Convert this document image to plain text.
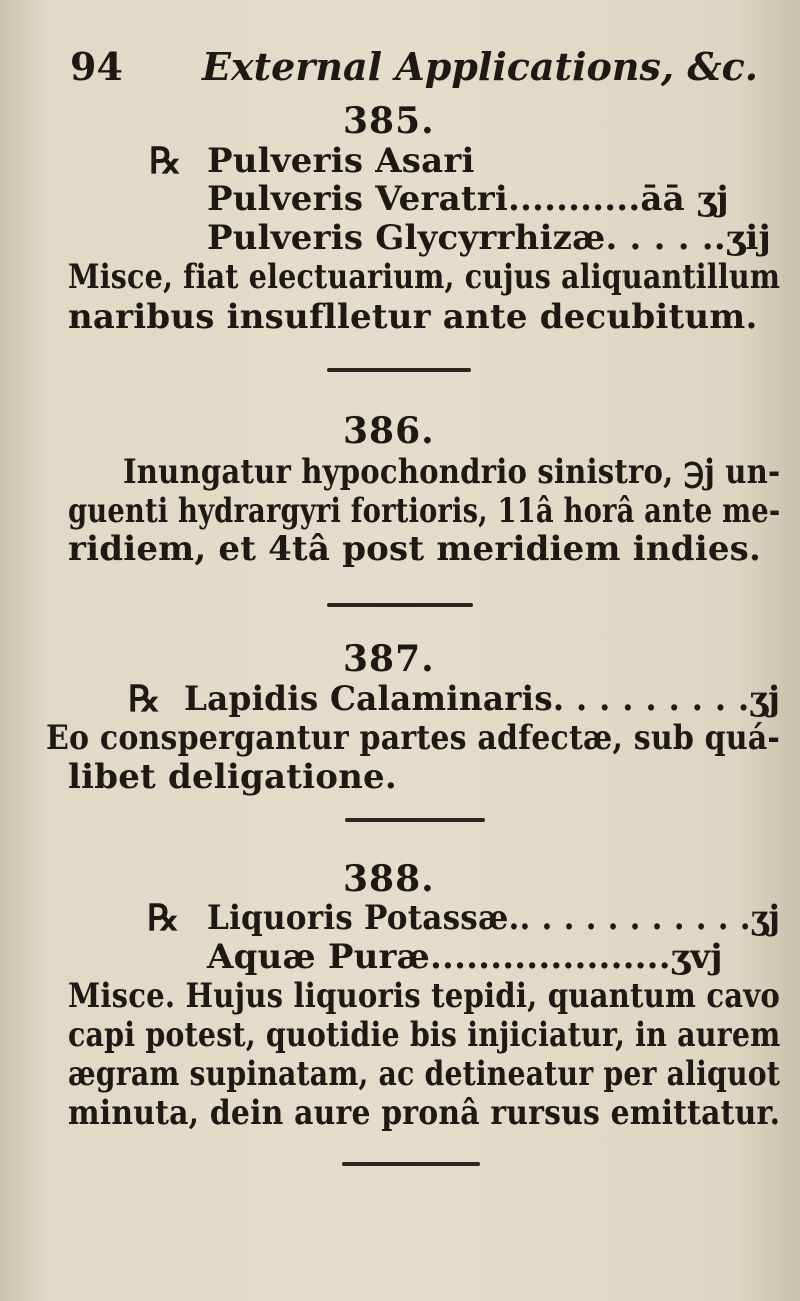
94 External Applications, &c.
385.
℞ Pulveris Asari
Pulveris Veratri...........āā ʒj
Pulveris Glycyrrhizæ. . . . ..ʒij
Misce, fiat electuarium, cujus aliquantillum
naribus insuflletur ante decubitum.
386.
Inungatur hypochondrio sinistro, ℈j un-
guenti hydrargyri fortioris, 11â horâ ante me-
ridiem, et 4tâ post meridiem indies.
387.
℞ Lapidis Calaminaris. . . . . . . . .ʒj
Eo conspergantur partes adfectæ, sub quá-
libet deligatione.
388.
℞ Liquoris Potassæ.. . . . . . . . . . .ʒj
Aquæ Puræ....................ʒvj
Misce. Hujus liquoris tepidi, quantum cavo
capi potest, quotidie bis injiciatur, in aurem
ægram supinatam, ac detineatur per aliquot
minuta, dein aure pronâ rursus emittatur.
